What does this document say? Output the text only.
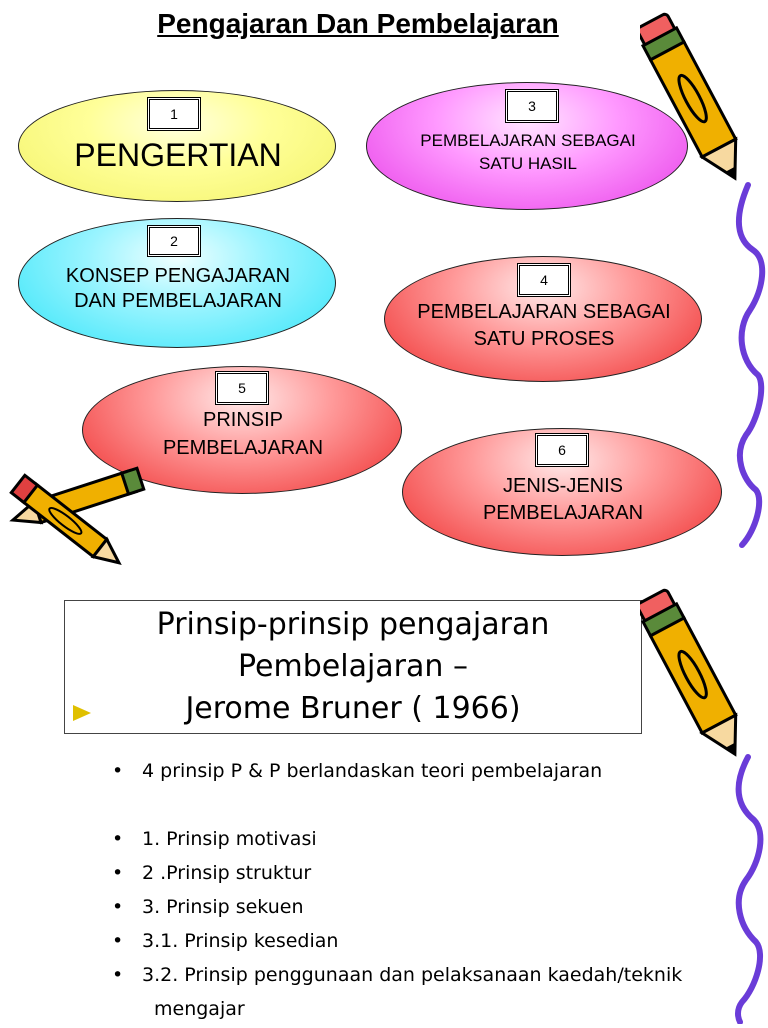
Pengajaran Dan Pembelajaran
1
PENGERTIAN
2
KONSEP PENGAJARAN
DAN PEMBELAJARAN
3
PEMBELAJARAN SEBAGAI
SATU HASIL
4
PEMBELAJARAN SEBAGAI
SATU PROSES
5
PRINSIP
PEMBELAJARAN	6
JENIS-JENIS
PEMBELAJARAN
Prinsip-prinsip pengajaran
Pembelajaran –
Jerome Bruner ( 1966)
• 4 prinsip P & P berlandaskan teori pembelajaran
• 1. Prinsip motivasi
• 2 .Prinsip struktur
• 3. Prinsip sekuen
• 3.1. Prinsip kesedian
• 3.2. Prinsip penggunaan dan pelaksanaan kaedah/teknik
mengajar
